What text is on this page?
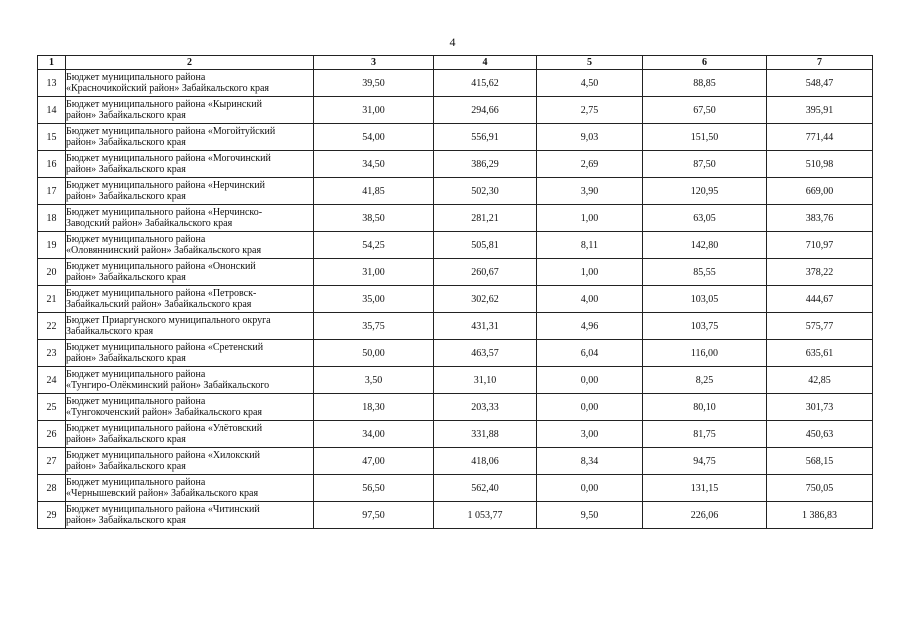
4
1	2	3	4	5	6	7
13	Бюджет муниципального района
«Красночикойский район» Забайкальского края	39,50	415,62	4,50	88,85	548,47
14	Бюджет муниципального района «Кыринский
район» Забайкальского края	31,00	294,66	2,75	67,50	395,91
15	Бюджет муниципального района «Могойтуйский
район» Забайкальского края	54,00	556,91	9,03	151,50	771,44
16	Бюджет муниципального района «Могочинский
район» Забайкальского края	34,50	386,29	2,69	87,50	510,98
17	Бюджет муниципального района «Нерчинский
район» Забайкальского края	41,85	502,30	3,90	120,95	669,00
18	Бюджет муниципального района «Нерчинско-
Заводский район» Забайкальского края	38,50	281,21	1,00	63,05	383,76
19	Бюджет муниципального района
«Оловяннинский район» Забайкальского края	54,25	505,81	8,11	142,80	710,97
20	Бюджет муниципального района «Ононский
район» Забайкальского края	31,00	260,67	1,00	85,55	378,22
21	Бюджет муниципального района «Петровск-
Забайкальский район» Забайкальского края	35,00	302,62	4,00	103,05	444,67
22	Бюджет Приаргунского муниципального округа
Забайкальского края	35,75	431,31	4,96	103,75	575,77
23	Бюджет муниципального района «Сретенский
район» Забайкальского края	50,00	463,57	6,04	116,00	635,61
24	Бюджет муниципального района
«Тунгиро-Олёкминский район» Забайкальского	3,50	31,10	0,00	8,25	42,85
25	Бюджет муниципального района
«Тунгокоченский район» Забайкальского края	18,30	203,33	0,00	80,10	301,73
26	Бюджет муниципального района «Улётовский
район» Забайкальского края	34,00	331,88	3,00	81,75	450,63
27	Бюджет муниципального района «Хилокский
район» Забайкальского края	47,00	418,06	8,34	94,75	568,15
28	Бюджет муниципального района
«Чернышевский район» Забайкальского края	56,50	562,40	0,00	131,15	750,05
29	Бюджет муниципального района «Читинский
район» Забайкальского края	97,50	1 053,77	9,50	226,06	1 386,83
